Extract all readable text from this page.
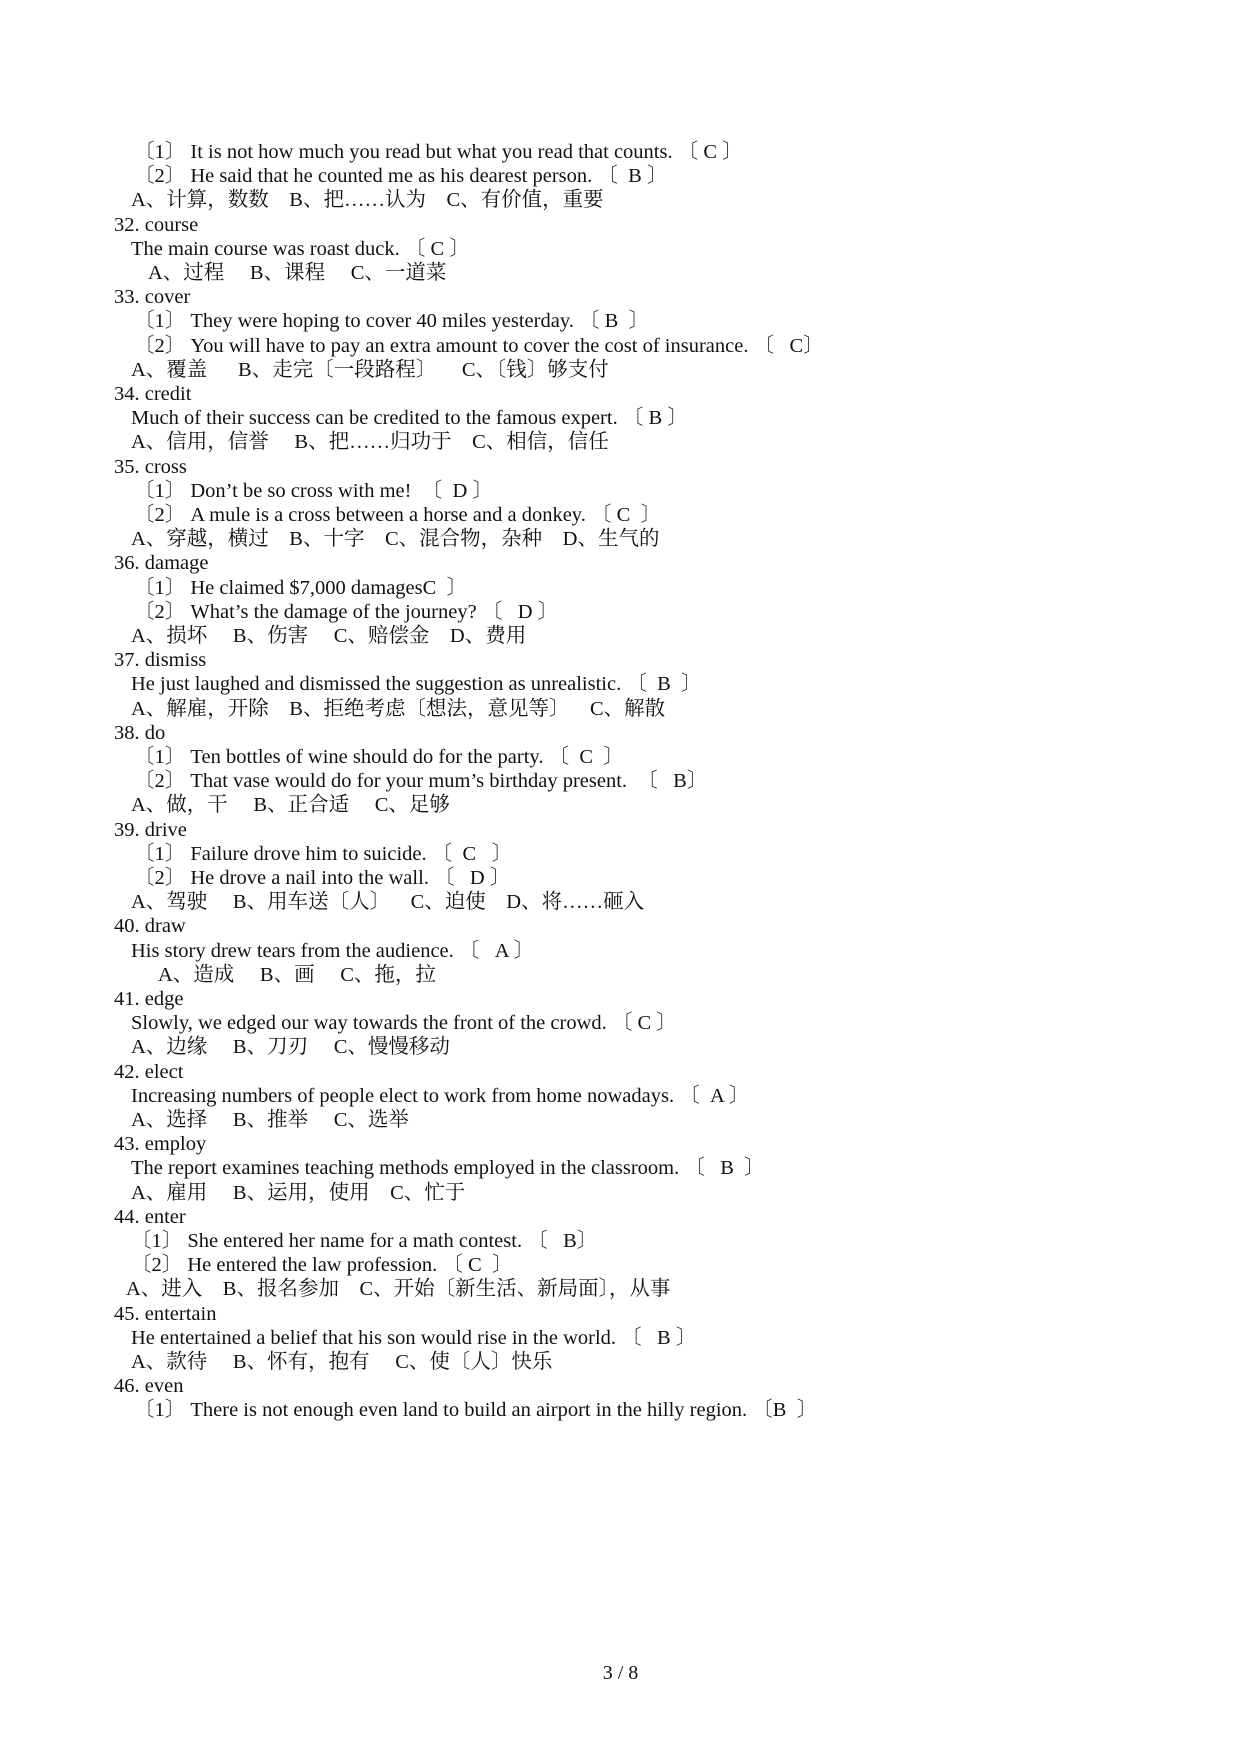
〔1〕 It is not how much you read but what you read that counts. 〔 C 〕
〔2〕 He said that he counted me as his dearest person. 〔  B 〕
A、计算，数数    B、把……认为    C、有价值，重要
32. course
The main course was roast duck. 〔 C 〕
A、过程     B、课程     C、一道菜
33. cover
〔1〕 They were hoping to cover 40 miles yesterday. 〔 B  〕
〔2〕 You will have to pay an extra amount to cover the cost of insurance. 〔   C〕
A、覆盖      B、走完〔一段路程〕     C、〔钱〕够支付
34. credit
Much of their success can be credited to the famous expert. 〔 B 〕
A、信用，信誉     B、把……归功于    C、相信，信任
35. cross
〔1〕 Don’t be so cross with me!  〔  D 〕
〔2〕 A mule is a cross between a horse and a donkey. 〔 C  〕
A、穿越，横过    B、十字    C、混合物，杂种    D、生气的
36. damage
〔1〕 He claimed $7,000 damagesC  〕
〔2〕 What’s the damage of the journey? 〔   D 〕
A、损坏     B、伤害     C、赔偿金    D、费用
37. dismiss
He just laughed and dismissed the suggestion as unrealistic. 〔  B  〕
A、解雇，开除    B、拒绝考虑〔想法，意见等〕    C、解散
38. do
〔1〕 Ten bottles of wine should do for the party. 〔  C  〕
〔2〕 That vase would do for your mum’s birthday present.  〔   B〕
A、做，干     B、正合适     C、足够
39. drive
〔1〕 Failure drove him to suicide. 〔  C   〕
〔2〕 He drove a nail into the wall. 〔   D 〕
A、驾驶     B、用车送〔人〕    C、迫使    D、将……砸入
40. draw
His story drew tears from the audience. 〔   A 〕
A、造成     B、画     C、拖，拉
41. edge
Slowly, we edged our way towards the front of the crowd. 〔 C 〕
A、边缘     B、刀刃     C、慢慢移动
42. elect
Increasing numbers of people elect to work from home nowadays. 〔  A 〕
A、选择     B、推举     C、选举
43. employ
The report examines teaching methods employed in the classroom. 〔   B  〕
A、雇用     B、运用，使用    C、忙于
44. enter
〔1〕 She entered her name for a math contest. 〔   B〕
〔2〕 He entered the law profession. 〔 C  〕
A、进入    B、报名参加    C、开始〔新生活、新局面〕，从事
45. entertain
He entertained a belief that his son would rise in the world. 〔   B 〕
A、款待     B、怀有，抱有     C、使〔人〕快乐
46. even
〔1〕 There is not enough even land to build an airport in the hilly region. 〔B  〕
3 / 8
